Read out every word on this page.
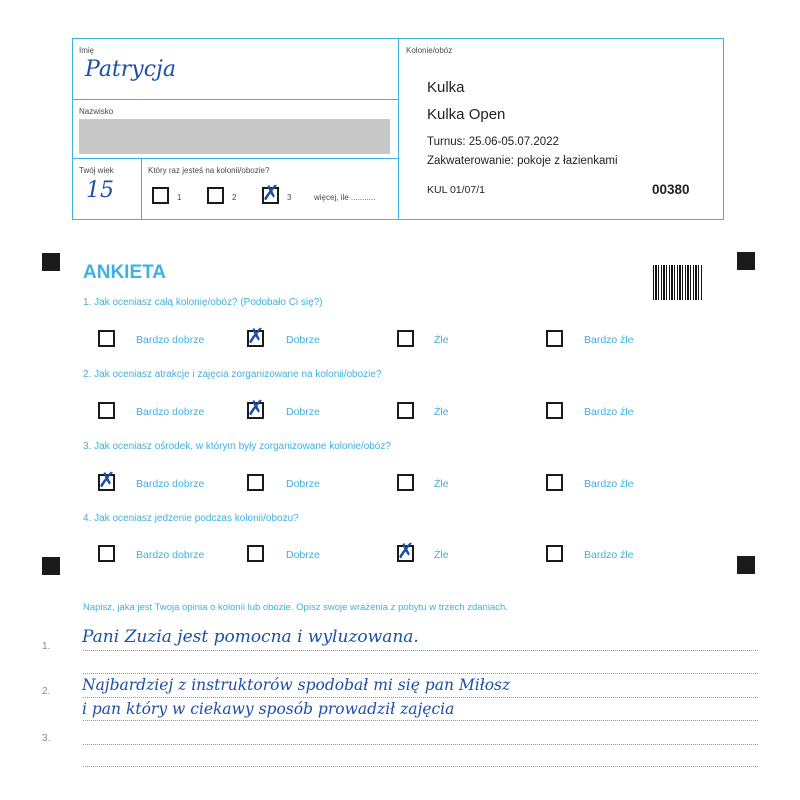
Imię
Patrycja
Nazwisko
Twój wiek
15
Który raz jesteś na kolonii/obozie?
1	2 ✗ 3	więcej, ile ...........
Kolonie/obóz
Kulka
Kulka Open
Turnus: 25.06-05.07.2022
Zakwaterowanie: pokoje z łazienkami
KUL 01/07/1	00380
ANKIETA
1. Jak oceniasz całą kolonię/obóz? (Podobało Ci się?)
Bardzo dobrze ✗ Dobrze	Źle	Bardzo źle
2. Jak oceniasz atrakcje i zajęcia zorganizowane na kolonii/obozie?
Bardzo dobrze ✗ Dobrze	Źle	Bardzo źle
3. Jak oceniasz ośrodek, w którym były zorganizowane kolonie/obóz?
✗ Bardzo dobrze	Dobrze	Źle	Bardzo źle
4. Jak oceniasz jedzenie podczas kolonii/obozu?
Bardzo dobrze	Dobrze	✗ Źle	Bardzo źle
Napisz, jaka jest Twoja opinia o kolonii lub obozie. Opisz swoje wrażenia z pobytu w trzech zdaniach.
1.
2.
3.
Pani Zuzia jest pomocna i wyluzowana.
Najbardziej z instruktorów spodobał mi się pan Miłosz
i pan który w ciekawy sposób prowadził zajęcia
